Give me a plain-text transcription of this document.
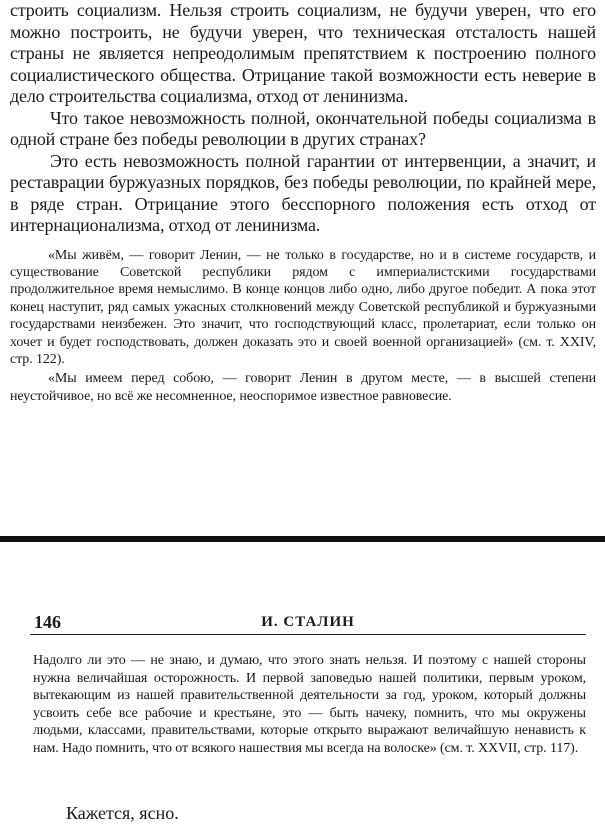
строить социализм. Нельзя строить социализм, не будучи уверен, что его можно построить, не будучи уверен, что техническая отсталость нашей страны не является непреодолимым препятствием к построению полного социалистического общества. Отрицание такой возможности есть неверие в дело строительства социализма, отход от ленинизма.

Что такое невозможность полной, окончательной победы социализма в одной стране без победы революции в других странах?

Это есть невозможность полной гарантии от интервенции, а значит, и реставрации буржуазных порядков, без победы революции, по крайней мере, в ряде стран. Отрицание этого бесспорного положения есть отход от интернационализма, отход от ленинизма.

«Мы живём, — говорит Ленин, — не только в государстве, но и в системе государств, и существование Советской республики рядом с империалистскими государствами продолжительное время немыслимо. В конце концов либо одно, либо другое победит. А пока этот конец наступит, ряд самых ужасных столкновений между Советской республикой и буржуазными государствами неизбежен. Это значит, что господствующий класс, пролетариат, если только он хочет и будет господствовать, должен доказать это и своей военной организацией» (см. т. XXIV, стр. 122).

«Мы имеем перед собою, — говорит Ленин в другом месте, — в высшей степени неустойчивое, но всё же несомненное, неоспоримое известное равновесие.

146	И. СТАЛИН

Надолго ли это — не знаю, и думаю, что этого знать нельзя. И поэтому с нашей стороны нужна величайшая осторожность. И первой заповедью нашей политики, первым уроком, вытекающим из нашей правительственной деятельности за год, уроком, который должны усвоить себе все рабочие и крестьяне, это — быть начеку, помнить, что мы окружены людьми, классами, правительствами, которые открыто выражают величайшую ненависть к нам. Надо помнить, что от всякого нашествия мы всегда на волоске» (см. т. XXVII, стр. 117).

Кажется, ясно.
